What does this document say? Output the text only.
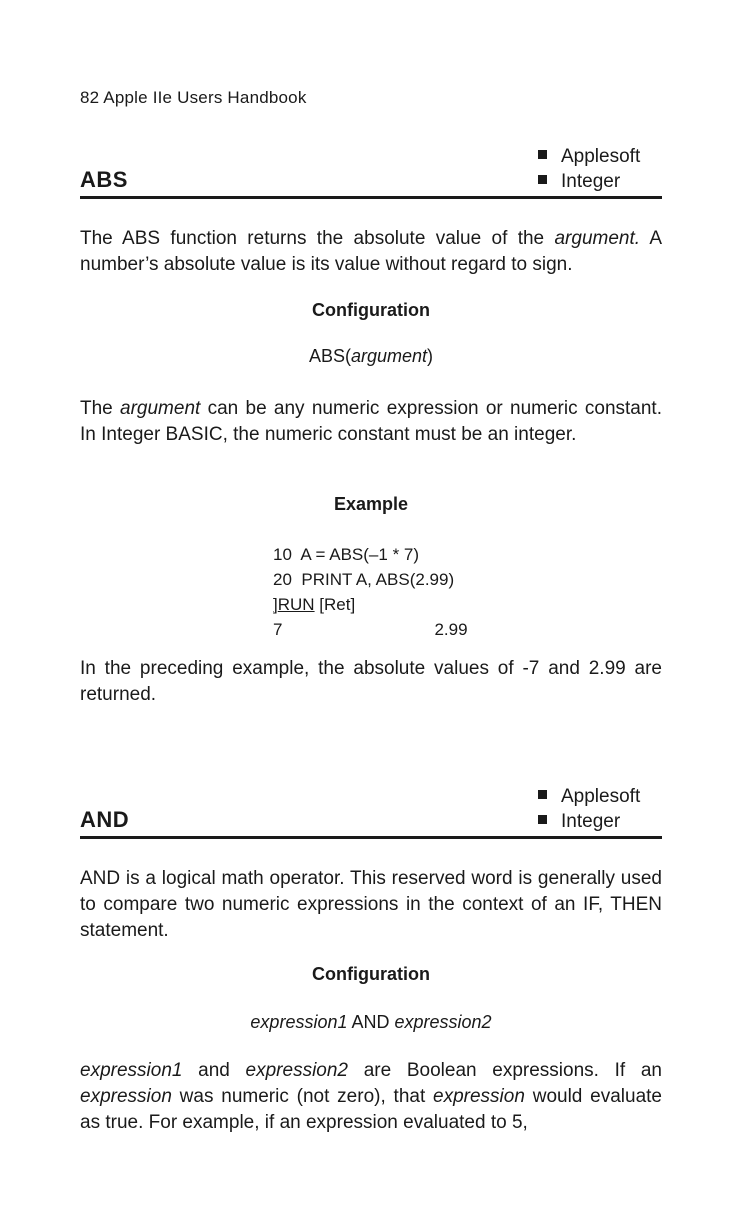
82 Apple IIe Users Handbook
ABS
Applesoft
Integer
The ABS function returns the absolute value of the argument. A number’s absolute value is its value without regard to sign.
Configuration
ABS(argument)
The argument can be any numeric expression or numeric constant. In Integer BASIC, the numeric constant must be an integer.
Example
10  A = ABS(–1 * 7)
20  PRINT A, ABS(2.99)
]RUN [Ret]
7	2.99
In the preceding example, the absolute values of -7 and 2.99 are returned.
AND
Applesoft
Integer
AND is a logical math operator. This reserved word is generally used to compare two numeric expressions in the context of an IF, THEN statement.
Configuration
expression1 AND expression2
expression1 and expression2 are Boolean expressions. If an expression was numeric (not zero), that expression would evaluate as true. For example, if an expression evaluated to 5,
